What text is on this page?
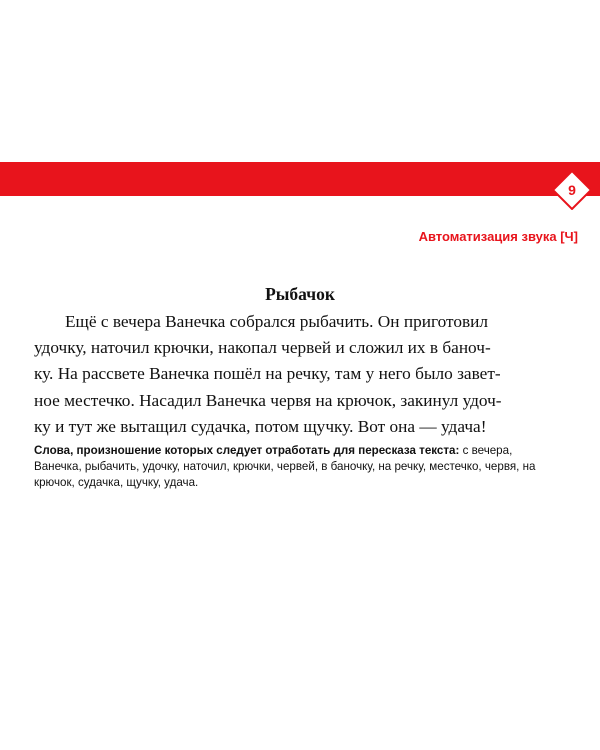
9
Автоматизация звука [Ч]
Рыбачок
Ещё с вечера Ванечка собрался рыбачить. Он приготовил
удочку, наточил крючки, накопал червей и сложил их в баноч-
ку. На рассвете Ванечка пошёл на речку, там у него было завет-
ное местечко. Насадил Ванечка червя на крючок, закинул удоч-
ку и тут же вытащил судачка, потом щучку. Вот она — удача!
Слова, произношение которых следует отработать для пересказа текста: с вечера, Ванечка, рыбачить, удочку, наточил, крючки, червей, в баночку, на речку, местечко, червя, на крючок, судачка, щучку, удача.
